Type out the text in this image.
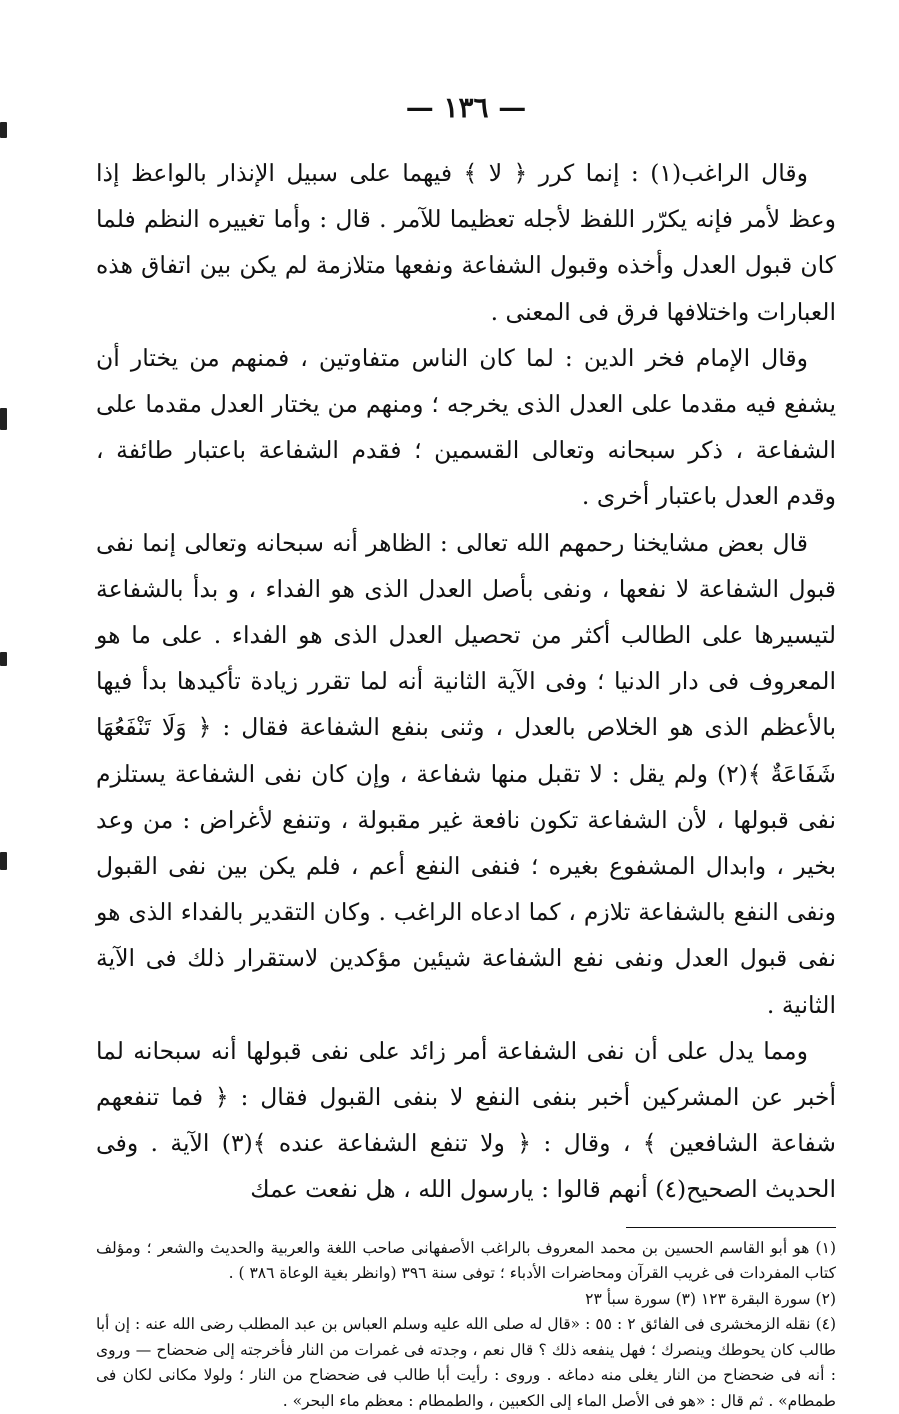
— ١٣٦ —

وقال الراغب(١) : إنما كرر ﴿ لا ﴾ فيهما على سبيل الإنذار بالواعظ إذا وعظ لأمر فإنه يكرّر اللفظ لأجله تعظيما للآمر . قال : وأما تغييره النظم فلما كان قبول العدل وأخذه وقبول الشفاعة ونفعها متلازمة لم يكن بين اتفاق هذه العبارات واختلافها فرق فى المعنى .

وقال الإمام فخر الدين : لما كان الناس متفاوتين ، فمنهم من يختار أن يشفع فيه مقدما على العدل الذى يخرجه ؛ ومنهم من يختار العدل مقدما على الشفاعة ، ذكر سبحانه وتعالى القسمين ؛ فقدم الشفاعة باعتبار طائفة ، وقدم العدل باعتبار أخرى .

قال بعض مشايخنا رحمهم الله تعالى : الظاهر أنه سبحانه وتعالى إنما نفى قبول الشفاعة لا نفعها ، ونفى بأصل العدل الذى هو الفداء ، و بدأ بالشفاعة لتيسيرها على الطالب أكثر من تحصيل العدل الذى هو الفداء . على ما هو المعروف فى دار الدنيا ؛ وفى الآية الثانية أنه لما تقرر زيادة تأكيدها بدأ فيها بالأعظم الذى هو الخلاص بالعدل ، وثنى بنفع الشفاعة فقال : ﴿ وَلَا تَنْفَعُهَا شَفَاعَةٌ ﴾(٢) ولم يقل : لا تقبل منها شفاعة ، وإن كان نفى الشفاعة يستلزم نفى قبولها ، لأن الشفاعة تكون نافعة غير مقبولة ، وتنفع لأغراض : من وعد بخير ، وابدال المشفوع بغيره ؛ فنفى النفع أعم ، فلم يكن بين نفى القبول ونفى النفع بالشفاعة تلازم ، كما ادعاه الراغب . وكان التقدير بالفداء الذى هو نفى قبول العدل ونفى نفع الشفاعة شيئين مؤكدين لاستقرار ذلك فى الآية الثانية .

ومما يدل على أن نفى الشفاعة أمر زائد على نفى قبولها أنه سبحانه لما أخبر عن المشركين أخبر بنفى النفع لا بنفى القبول فقال : ﴿ فما تنفعهم شفاعة الشافعين ﴾ ، وقال : ﴿ ولا تنفع الشفاعة عنده ﴾(٣) الآية . وفى الحديث الصحيح(٤) أنهم قالوا : يارسول الله ، هل نفعت عمك

(١) هو أبو القاسم الحسين بن محمد المعروف بالراغب الأصفهانى صاحب اللغة والعربية والحديث والشعر ؛ ومؤلف كتاب المفردات فى غريب القرآن ومحاضرات الأدباء ؛ توفى سنة ٣٩٦ (وانظر بغية الوعاة ٣٨٦ ) .

(٢) سورة البقرة ١٢٣ (٣) سورة سبأ ٢٣

(٤) نقله الزمخشرى فى الفائق ٢ : ٥٥ : «قال له صلى الله عليه وسلم العباس بن عبد المطلب رضى الله عنه : إن أبا طالب كان يحوطك وينصرك ؛ فهل ينفعه ذلك ؟ قال نعم ، وجدته فى غمرات من النار فأخرجته إلى ضحضاح — وروى : أنه فى ضحضاح من النار يغلى منه دماغه . وروى : رأيت أبا طالب فى ضحضاح من النار ؛ ولولا مكانى لكان فى طمطام» . ثم قال : «هو فى الأصل الماء إلى الكعبين ، والطمطام : معظم ماء البحر» .
